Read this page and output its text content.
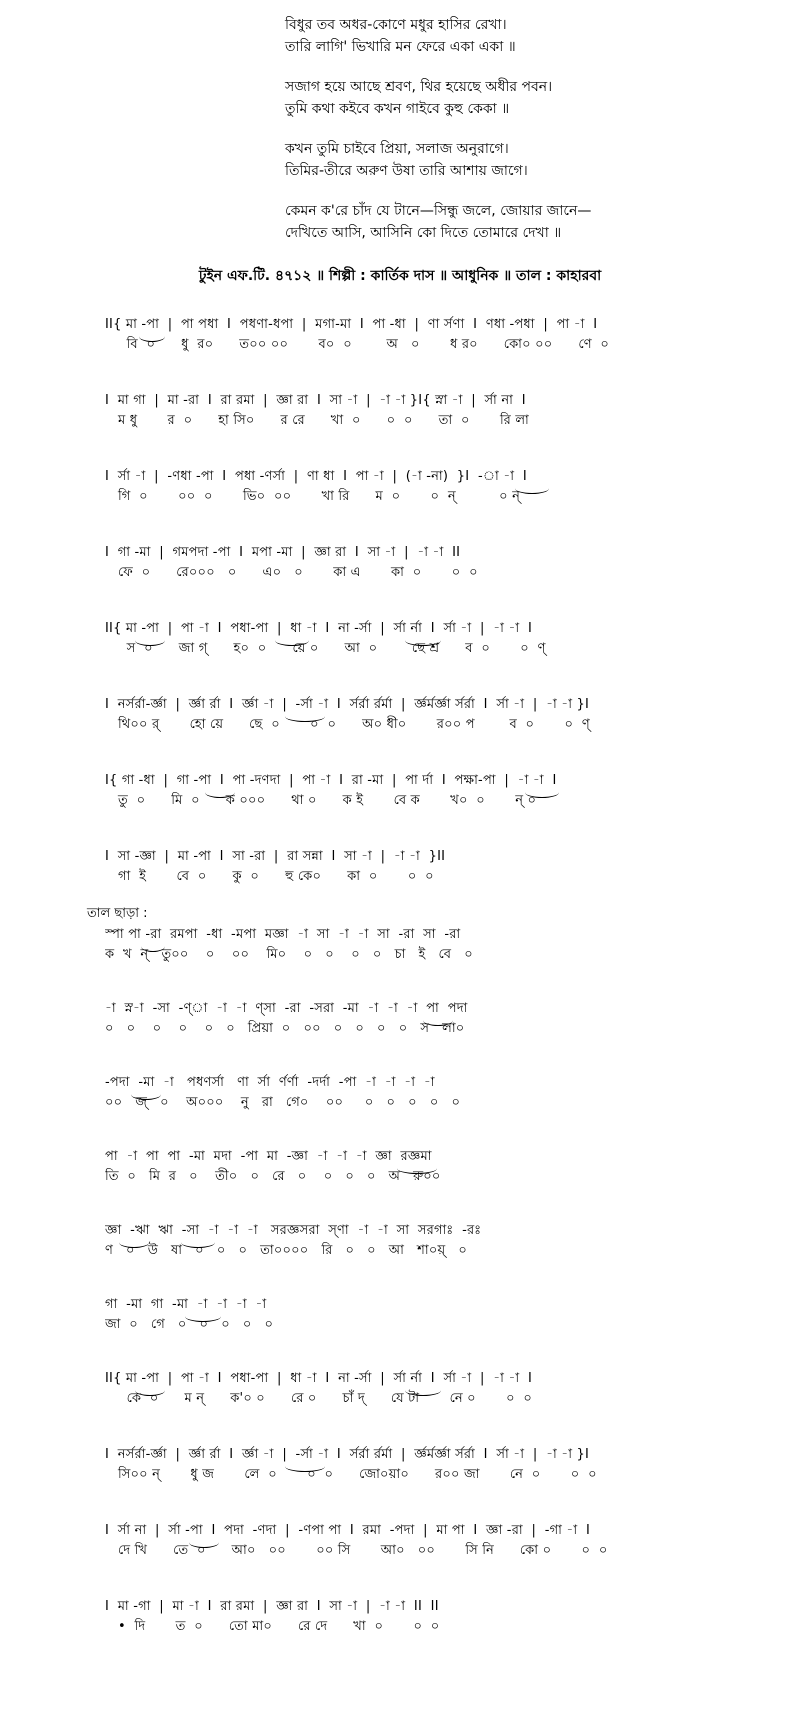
বিধুর তব অধর-কোণে মধুর হাসির রেখা।
তারি লাগি' ভিখারি মন ফেরে একা একা ॥
সজাগ হয়ে আছে শ্রবণ, থির হয়েছে অধীর পবন।
তুমি কথা কইবে কখন গাইবে কুহু কেকা ॥
কখন তুমি চাইবে প্রিয়া, সলাজ অনুরাগে।
তিমির-তীরে অরুণ উষা তারি আশায় জাগে।
কেমন ক'রে চাঁদ যে টানে—সিন্ধু জলে, জোয়ার জানে—
দেখিতে আসি, আসিনি কো দিতে তোমারে দেখা ॥
টুইন এফ.টি. ৪৭১২ ॥ শিল্পী : কার্তিক দাস ॥ আধুনিক ॥ তাল : কাহারবা
II{ মা -পা  |  পা পধা  I  পধণা-ধপা  |  মগা-মা  I  পা -ধা  |  ণা র্সণা  I  ণধা -পধা  |  পা -া  I
বি  ০      ধু  র০      ত০০ ০০       ব০  ০        অ   ০       ধ র০      কো০ ০০      ণে  ০
I  মা গা  |  মা -রা  I  রা রমা  |  জ্ঞা রা  I  সা -া  |  -া -া }I{ স্না -া  |  র্সা না  I
ম ধু       র  ০      হা সি০      র রে      খা  ০      ০  ০      তা  ০       রি লা
I  র্সা -া  |  -ণধা -পা  I  পধা -ণর্সা  |  ণা ধা  I  পা -া  |  (-া -না)  }I  -া -া  I
গি  ০       ০০  ০       ভি০  ০০       খা রি      ম  ০       ০  ন্          ০ ন্
I  গা -মা  |  গমপদা -পা  I  মপা -মা  |  জ্ঞা রা  I  সা -া  |  -া -া  II
ফে  ০      রে০০০   ০      এ০   ০       কা এ       কা  ০       ০  ০
II{ মা -পা  |  পা -া  I  পধা-পা  |  ধা -া  I  না -র্সা  |  র্সা র্না  I  র্সা -া  |  -া -া  I
স  ০      জা গ্      হ০  ০      য়ে ০      আ  ০        ছে শ্র      ব  ০       ০  ণ্
I  নর্সর্রা-র্জ্ঞা  |  র্জ্ঞা র্রা  I  র্জ্ঞা -া  |  -র্সা -া  I  র্সর্রা র্রর্মা  |  র্জ্ঞর্মর্জ্ঞা র্সর্রা  I  র্সা -া  |  -া -া }I
থি০০ র্       হো য়ে      ছে  ০       ০  ০      অ০ ধী০       র০০ প        ব  ০       ০  ণ্
I{ গা -ধা  |  গা -পা  I  পা -দণদা  |  পা -া  I  রা -মা  |  পা র্দা  I  পক্ষা-পা  |  -া -া  I
তু  ০      মি  ০      ক ০০০      থা ০      ক ই       বে ক       খ০  ০       ন্ ০
I  সা -জ্ঞা  |  মা -পা  I  সা -রা  |  রা সন্না  I  সা -া  |  -া -া  }II
গা  ই       বে  ০      কু  ০      হু কে০      কা  ০       ০  ০
তাল ছাড়া :
স্পা পা -রা  রমপা  -ধা  -মপা  মজ্ঞা  -া  সা  -া  -া  সা  -রা  সা  -রা
ক  খ  ন্   তু০০    ০    ০০    মি০    ০   ০    ০   ০   চা   ই   বে   ০
-া  স্ন-া  -সা  -ণ্া  -া  -া  ণ্সা  -রা  -সরা  -মা  -া  -া  -া  পা  পদা
০   ০    ০    ০    ০   ০   প্রিয়া  ০   ০০   ০   ০   ০   ০   স   লা০
-পদা  -মা  -া   পধণর্সা   ণা  র্সা  র্ণর্ণা  -দর্দা  -পা  -া  -া  -া  -া
০০   জ্   ০    অ০০০    নু   রা   গে০    ০০     ০   ০   ০   ০   ০
পা  -া  পা  পা  -মা  মদা  -পা  মা  -জ্ঞা  -া  -া  -া  জ্ঞা  রজ্ঞমা
তি  ০   মি  র   ০    তী০   ০   রে   ০    ০   ০   ০   অ   রু০০
জ্ঞা  -ঋা  ঋা  -সা  -া  -া  -া   সরজ্ঞসরা  স্ণা  -া  -া  সা  সরগাঃ  -রঃ
ণ   ০   উ   ষা   ০   ০   ০   তা০০০০   রি   ০   ০   আ   শা০য়্   ০
গা  -মা  গা  -মা  -া  -া  -া  -া
জা  ০   গে   ০   ০   ০   ০   ০
II{ মা -পা  |  পা -া  I  পধা-পা  |  ধা -া  I  না -র্সা  |  র্সা র্না  I  র্সা -া  |  -া -া  I
কে  ০      ম ন্      ক'০ ০      রে ০      চাঁ দ্      যে টা       নে ০       ০  ০
I  নর্সর্রা-র্জ্ঞা  |  র্জ্ঞা র্রা  I  র্জ্ঞা -া  |  -র্সা -া  I  র্সর্রা র্রর্মা  |  র্জ্ঞর্মর্জ্ঞা র্সর্রা  I  র্সা -া  |  -া -া }I
সি০০ ন্       ধু জ       লে  ০       ০  ০      জো০য়া০      র০০ জা       নে  ০       ০  ০
I  র্সা না  |  র্সা -পা  I  পদা  -ণদা  |  -ণপা পা  I  রমা  -পদা  |  মা পা  I  জ্ঞা -রা  |  -গা -া  I
দে খি      তে  ০      আ০   ০০       ০০ সি       আ০   ০০       সি নি      কো ০       ০  ০
I  মা -গা  |  মা -া  I  রা রমা  |  জ্ঞা রা  I  সা -া  |  -া -া  II  II
•  দি       ত  ০      তো মা০      রে দে      খা  ০       ০  ০
